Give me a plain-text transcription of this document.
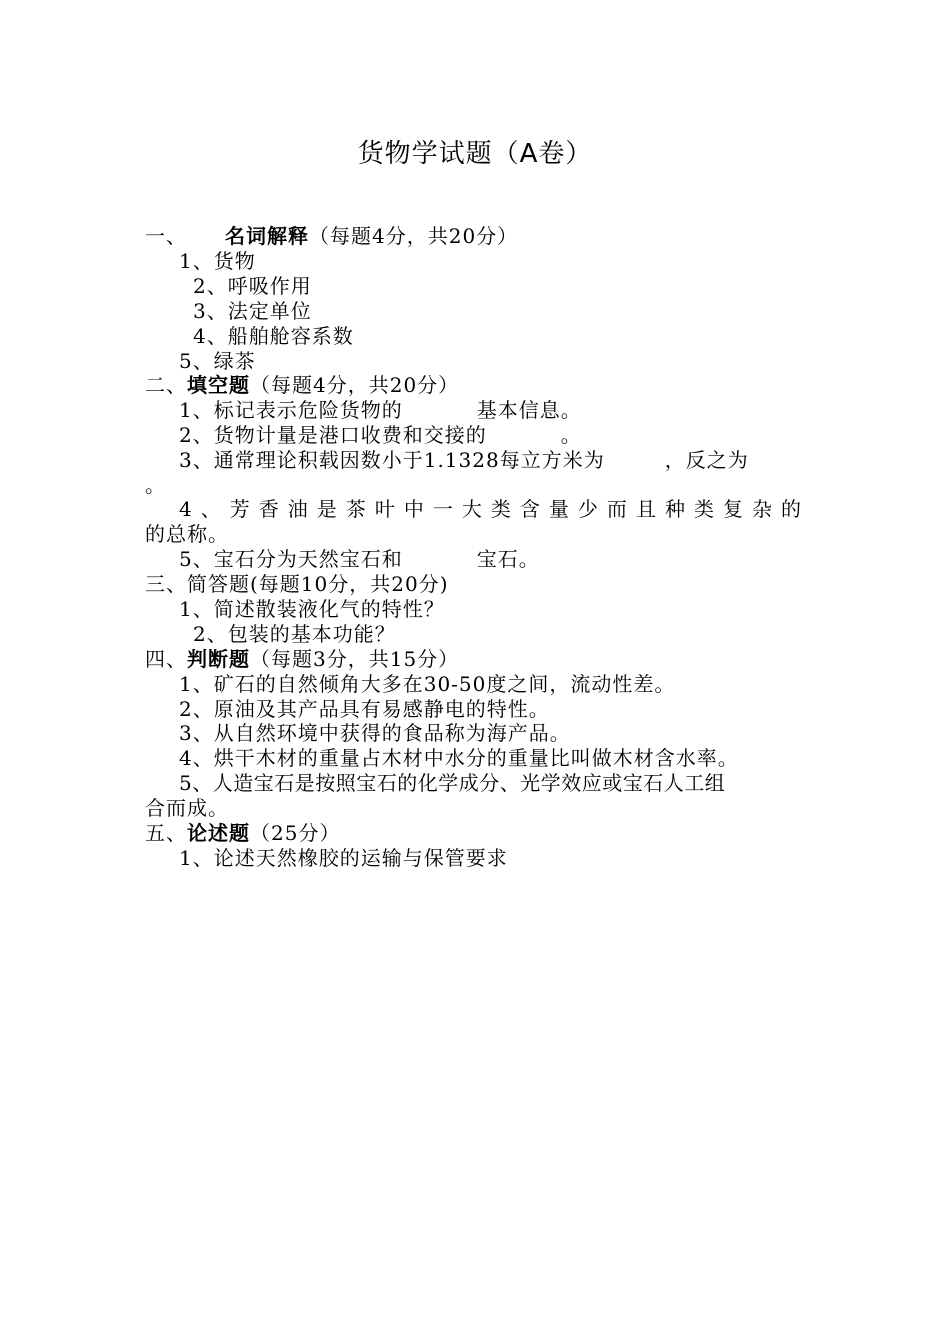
货物学试题（A卷）
一、 名词解释（每题4分，共20分）
1、货物
2、呼吸作用
3、法定单位
4、船舶舱容系数
5、绿茶
二、填空题（每题4分，共20分）
1、标记表示危险货物的	基本信息。
2、货物计量是港口收费和交接的	。
3、通常理论积载因数小于1.1328每立方米为	，反之为
。
4、芳香油是茶叶中一大类含量少而且种类复杂的
的总称。
5、宝石分为天然宝石和	宝石。
三、简答题(每题10分，共20分)
1、简述散装液化气的特性？
2、包装的基本功能？
四、判断题（每题3分，共15分）
1、矿石的自然倾角大多在30-50度之间，流动性差。
2、原油及其产品具有易感静电的特性。
3、从自然环境中获得的食品称为海产品。
4、烘干木材的重量占木材中水分的重量比叫做木材含水率。
5、人造宝石是按照宝石的化学成分、光学效应或宝石人工组
合而成。
五、论述题（25分）
1、论述天然橡胶的运输与保管要求
